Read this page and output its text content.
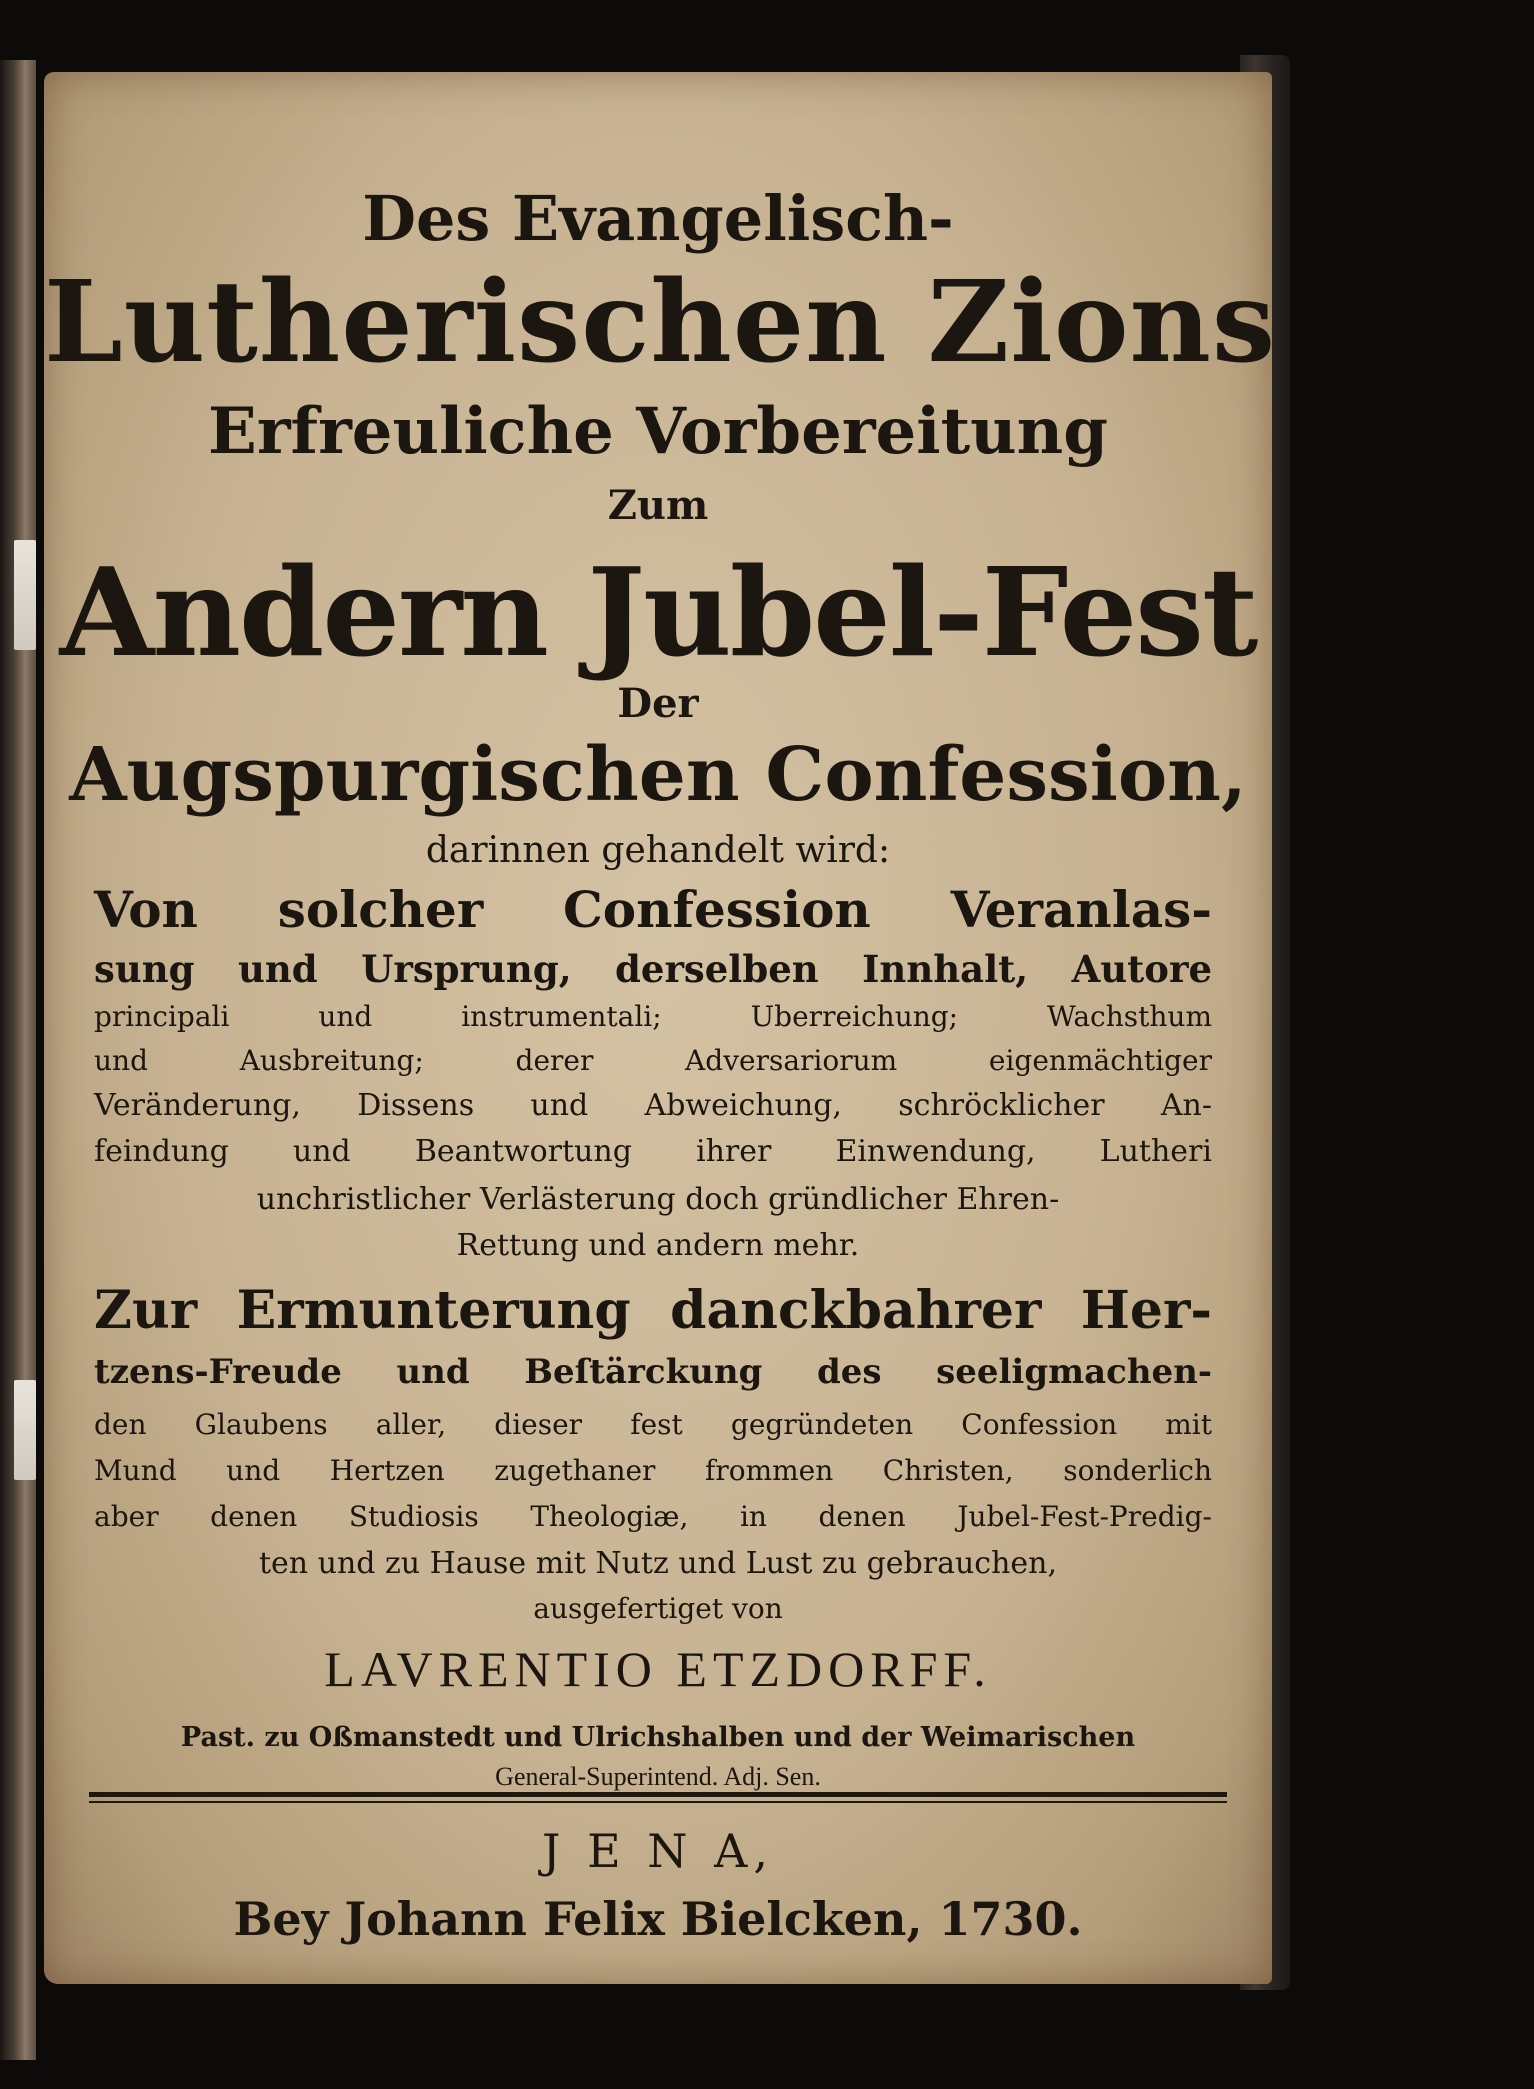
Des Evangelisch-
Lutherischen Zions
Erfreuliche Vorbereitung
Zum
Andern Jubel-Fest
Der
Augspurgischen Confession,
darinnen gehandelt wird:
Von solcher Confession Veranlas-
sung und Ursprung, derselben Innhalt, Autore
principali und instrumentali; Uberreichung; Wachsthum
und Ausbreitung; derer Adversariorum eigenmächtiger
Veränderung, Dissens und Abweichung, schröcklicher An-
feindung und Beantwortung ihrer Einwendung, Lutheri
unchristlicher Verlästerung doch gründlicher Ehren-
Rettung und andern mehr.
Zur Ermunterung danckbahrer Her-
tzens-Freude und Beſtärckung des seeligmachen-
den Glaubens aller, dieser fest gegründeten Confession mit
Mund und Hertzen zugethaner frommen Christen, sonderlich
aber denen Studiosis Theologiæ, in denen Jubel-Fest-Predig-
ten und zu Hause mit Nutz und Lust zu gebrauchen,
ausgefertiget von
LAVRENTIO ETZDORFF.
Past. zu Oßmanstedt und Ulrichshalben und der Weimarischen
General-Superintend. Adj. Sen.
J E N A,
Bey Johann Felix Bielcken, 1730.
